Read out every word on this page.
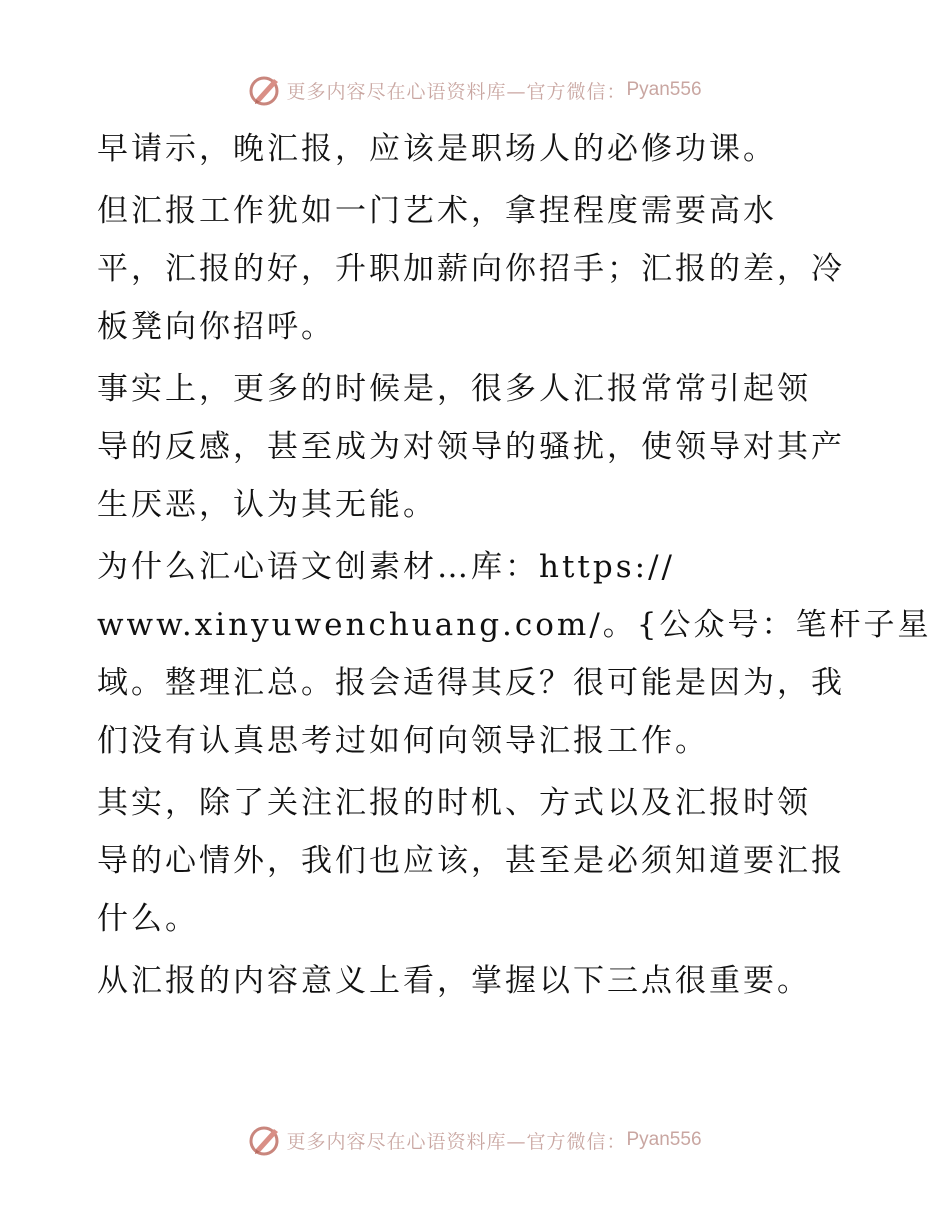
更多内容尽在心语资料库—官方微信： Pyan556
早请示，晚汇报，应该是职场人的必修功课。
但汇报工作犹如一门艺术，拿捏程度需要高水
平，汇报的好，升职加薪向你招手；汇报的差，冷
板凳向你招呼。
事实上，更多的时候是，很多人汇报常常引起领
导的反感，甚至成为对领导的骚扰，使领导对其产
生厌恶，认为其无能。
为什么汇心语文创素材…库：https://
www.xinyuwenchuang.com/。{公众号：笔杆子星
域。整理汇总。报会适得其反？很可能是因为，我
们没有认真思考过如何向领导汇报工作。
其实，除了关注汇报的时机、方式以及汇报时领
导的心情外，我们也应该，甚至是必须知道要汇报
什么。
从汇报的内容意义上看，掌握以下三点很重要。
更多内容尽在心语资料库—官方微信： Pyan556
